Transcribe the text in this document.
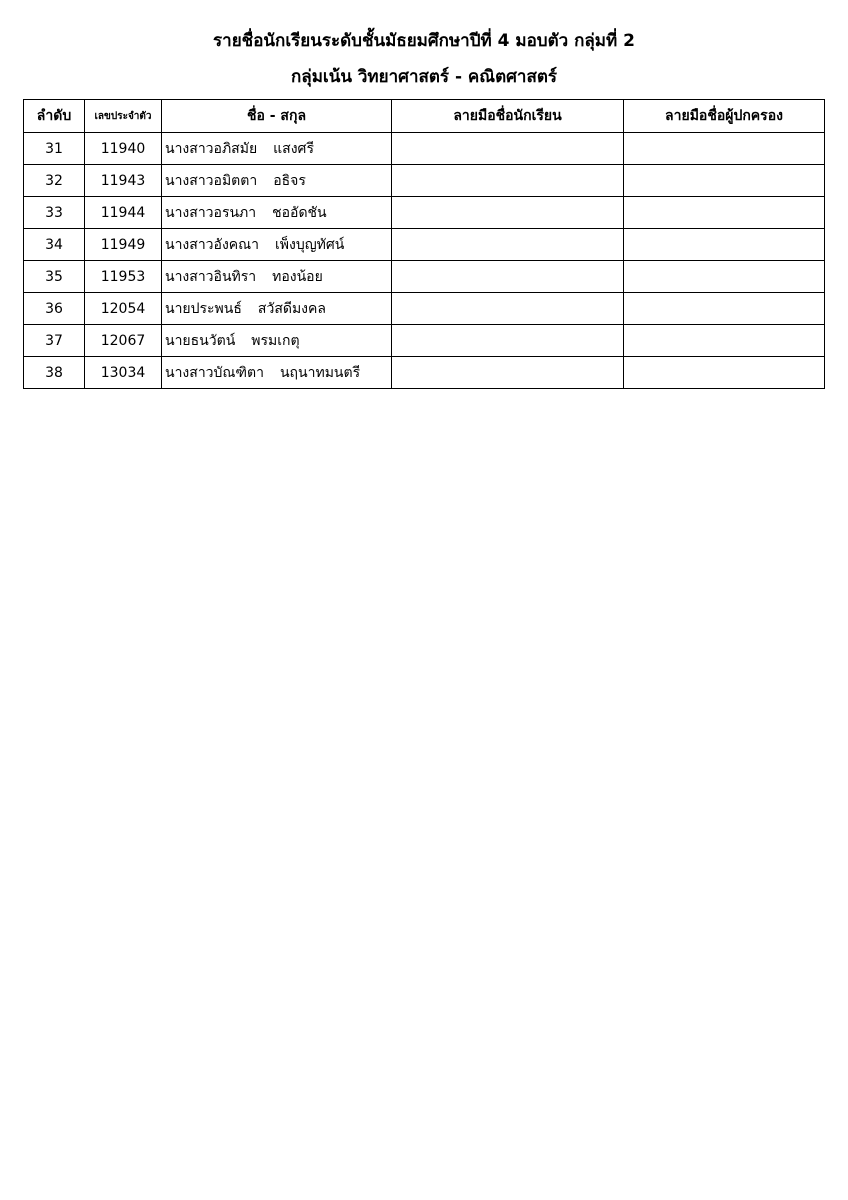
รายชื่อนักเรียนระดับชั้นมัธยมศึกษาปีที่ 4 มอบตัว กลุ่มที่ 2
กลุ่มเน้น วิทยาศาสตร์ - คณิตศาสตร์
ลำดับ	เลขประจำตัว	ชื่อ - สกุล	ลายมือชื่อนักเรียน	ลายมือชื่อผู้ปกครอง
31	11940	นางสาวอภิสมัย แสงศรี		
32	11943	นางสาวอมิตตา อธิจร		
33	11944	นางสาวอรนภา ชออัดชัน		
34	11949	นางสาวอังคณา เพ็งบุญทัศน์		
35	11953	นางสาวอินทิรา ทองน้อย		
36	12054	นายประพนธ์ สวัสดีมงคล		
37	12067	นายธนวัตน์ พรมเกตุ		
38	13034	นางสาวบัณฑิตา นฤนาทมนตรี		
